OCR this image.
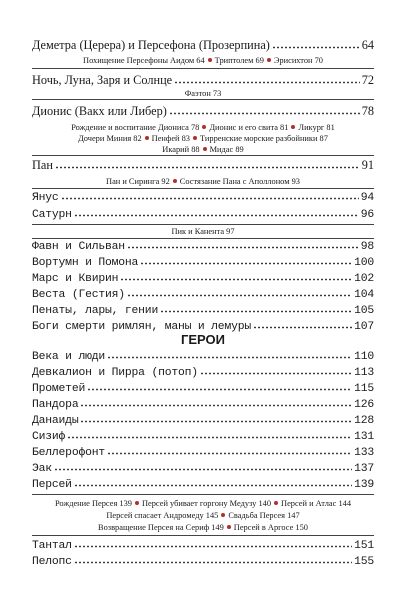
Деметра (Церера) и Персефона (Прозерпина)	64
Похищение Персефоны Аидом 64 Триптолем 69 Эрисихтон 70
Ночь, Луна, Заря и Солнце	72
Фаэтон 73
Дионис (Вакх или Либер)	78
Рождение и воспитание Диониса 78 Дионис и его свита 81 Ликург 81
Дочери Миния 82 Пенфей 83 Тирренские морские разбойники 87
Икарий 88 Мидас 89
Пан	91
Пан и Сиринга 92 Состязание Пана с Аполлоном 93
Янус	94
Сатурн	96
Пик и Канента 97
Фавн и Сильван	98
Вортумн и Помона	100
Марс и Квирин	102
Веста (Гестия)	104
Пенаты, лары, гении	105
Боги смерти римлян, маны и лемуры	107
ГЕРОИ
Века и люди	110
Девкалион и Пирра (потоп)	113
Прометей	115
Пандора	126
Данаиды	128
Сизиф	131
Беллерофонт	133
Эак	137
Персей	139
Рождение Персея 139 Персей убивает горгону Медузу 140 Персей и Атлас 144
Персей спасает Андромеду 145 Свадьба Персея 147
Возвращение Персея на Сериф 149 Персей в Аргосе 150
Тантал	151
Пелопс	155
